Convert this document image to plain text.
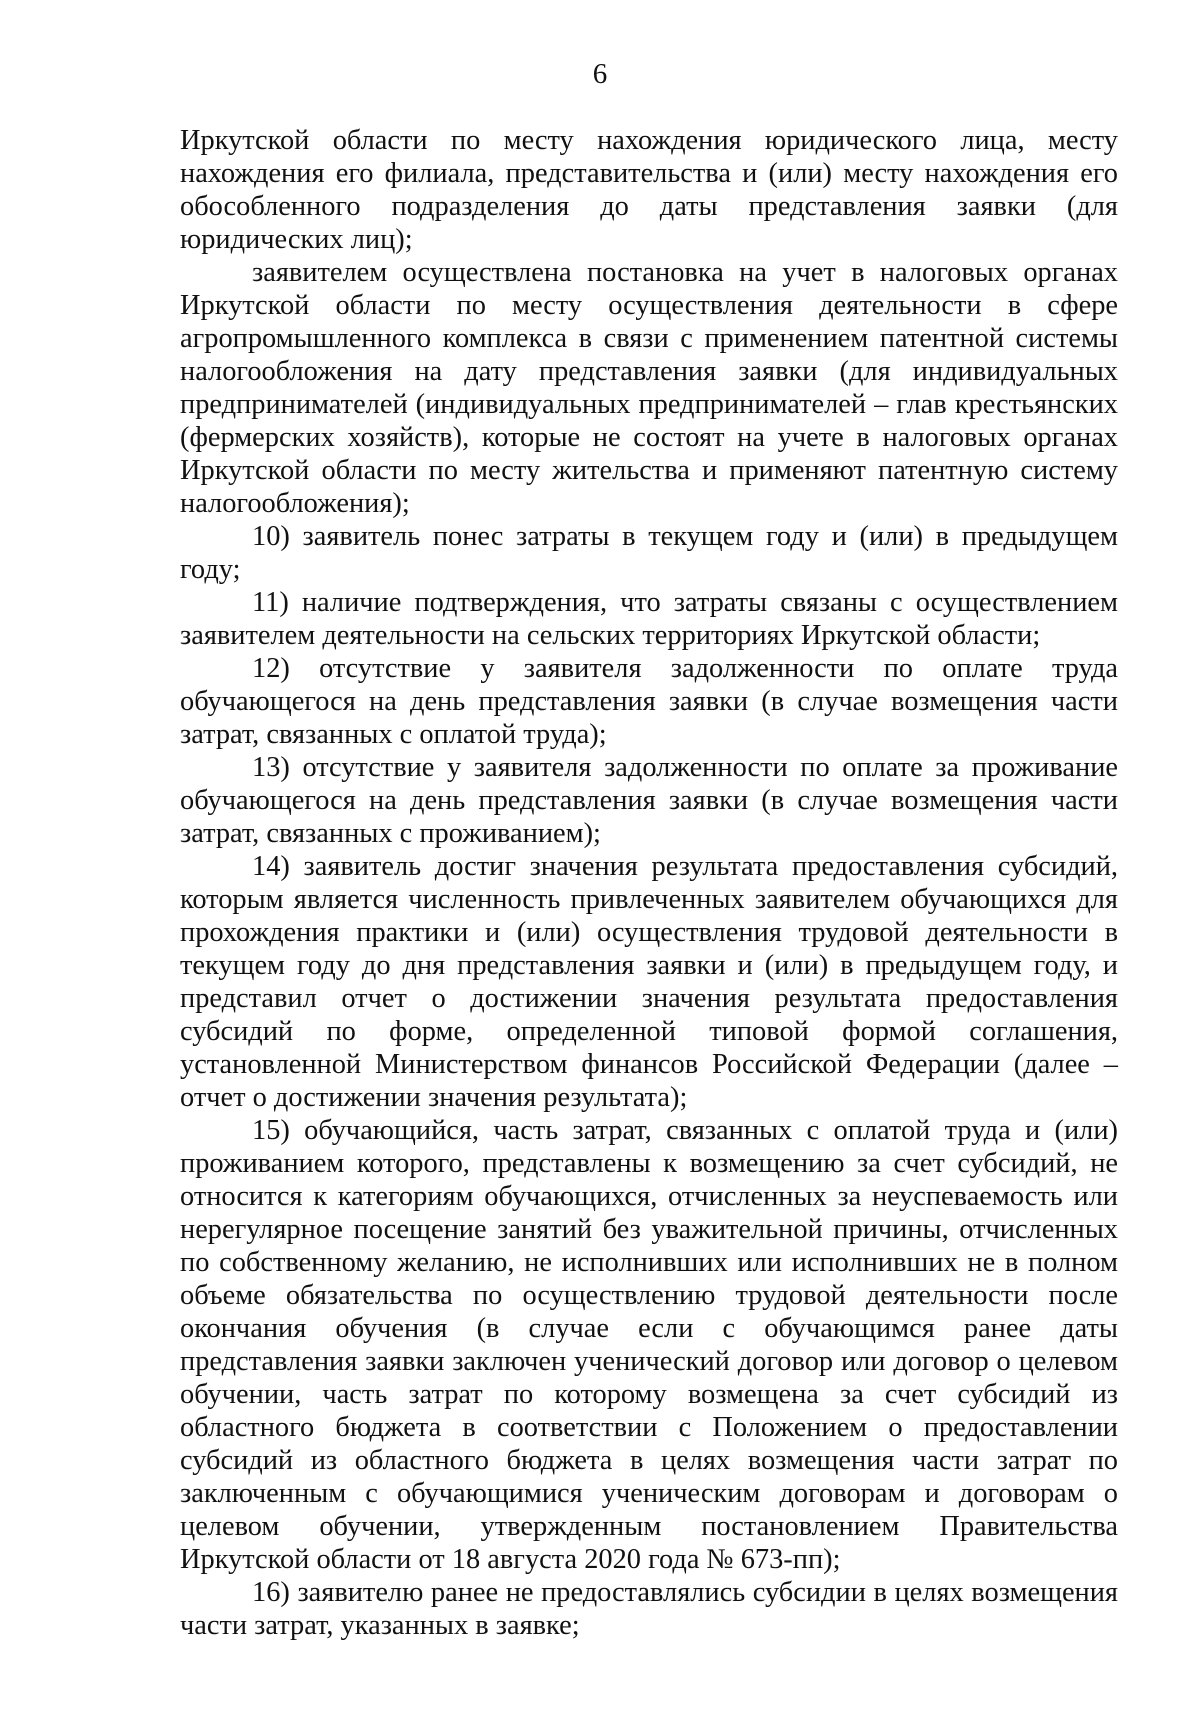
6

Иркутской области по месту нахождения юридического лица, месту нахождения его филиала, представительства и (или) месту нахождения его обособленного подразделения до даты представления заявки (для юридических лиц);

заявителем осуществлена постановка на учет в налоговых органах Иркутской области по месту осуществления деятельности в сфере агропромышленного комплекса в связи с применением патентной системы налогообложения на дату представления заявки (для индивидуальных предпринимателей (индивидуальных предпринимателей – глав крестьянских (фермерских хозяйств), которые не состоят на учете в налоговых органах Иркутской области по месту жительства и применяют патентную систему налогообложения);

10) заявитель понес затраты в текущем году и (или) в предыдущем году;

11) наличие подтверждения, что затраты связаны с осуществлением заявителем деятельности на сельских территориях Иркутской области;

12) отсутствие у заявителя задолженности по оплате труда обучающегося на день представления заявки (в случае возмещения части затрат, связанных с оплатой труда);

13) отсутствие у заявителя задолженности по оплате за проживание обучающегося на день представления заявки (в случае возмещения части затрат, связанных с проживанием);

14) заявитель достиг значения результата предоставления субсидий, которым является численность привлеченных заявителем обучающихся для прохождения практики и (или) осуществления трудовой деятельности в текущем году до дня представления заявки и (или) в предыдущем году, и представил отчет о достижении значения результата предоставления субсидий по форме, определенной типовой формой соглашения, установленной Министерством финансов Российской Федерации (далее – отчет о достижении значения результата);

15) обучающийся, часть затрат, связанных с оплатой труда и (или) проживанием которого, представлены к возмещению за счет субсидий, не относится к категориям обучающихся, отчисленных за неуспеваемость или нерегулярное посещение занятий без уважительной причины, отчисленных по собственному желанию, не исполнивших или исполнивших не в полном объеме обязательства по осуществлению трудовой деятельности после окончания обучения (в случае если с обучающимся ранее даты представления заявки заключен ученический договор или договор о целевом обучении, часть затрат по которому возмещена за счет субсидий из областного бюджета в соответствии с Положением о предоставлении субсидий из областного бюджета в целях возмещения части затрат по заключенным с обучающимися ученическим договорам и договорам о целевом обучении, утвержденным постановлением Правительства Иркутской области от 18 августа 2020 года № 673-пп);

16) заявителю ранее не предоставлялись субсидии в целях возмещения части затрат, указанных в заявке;
